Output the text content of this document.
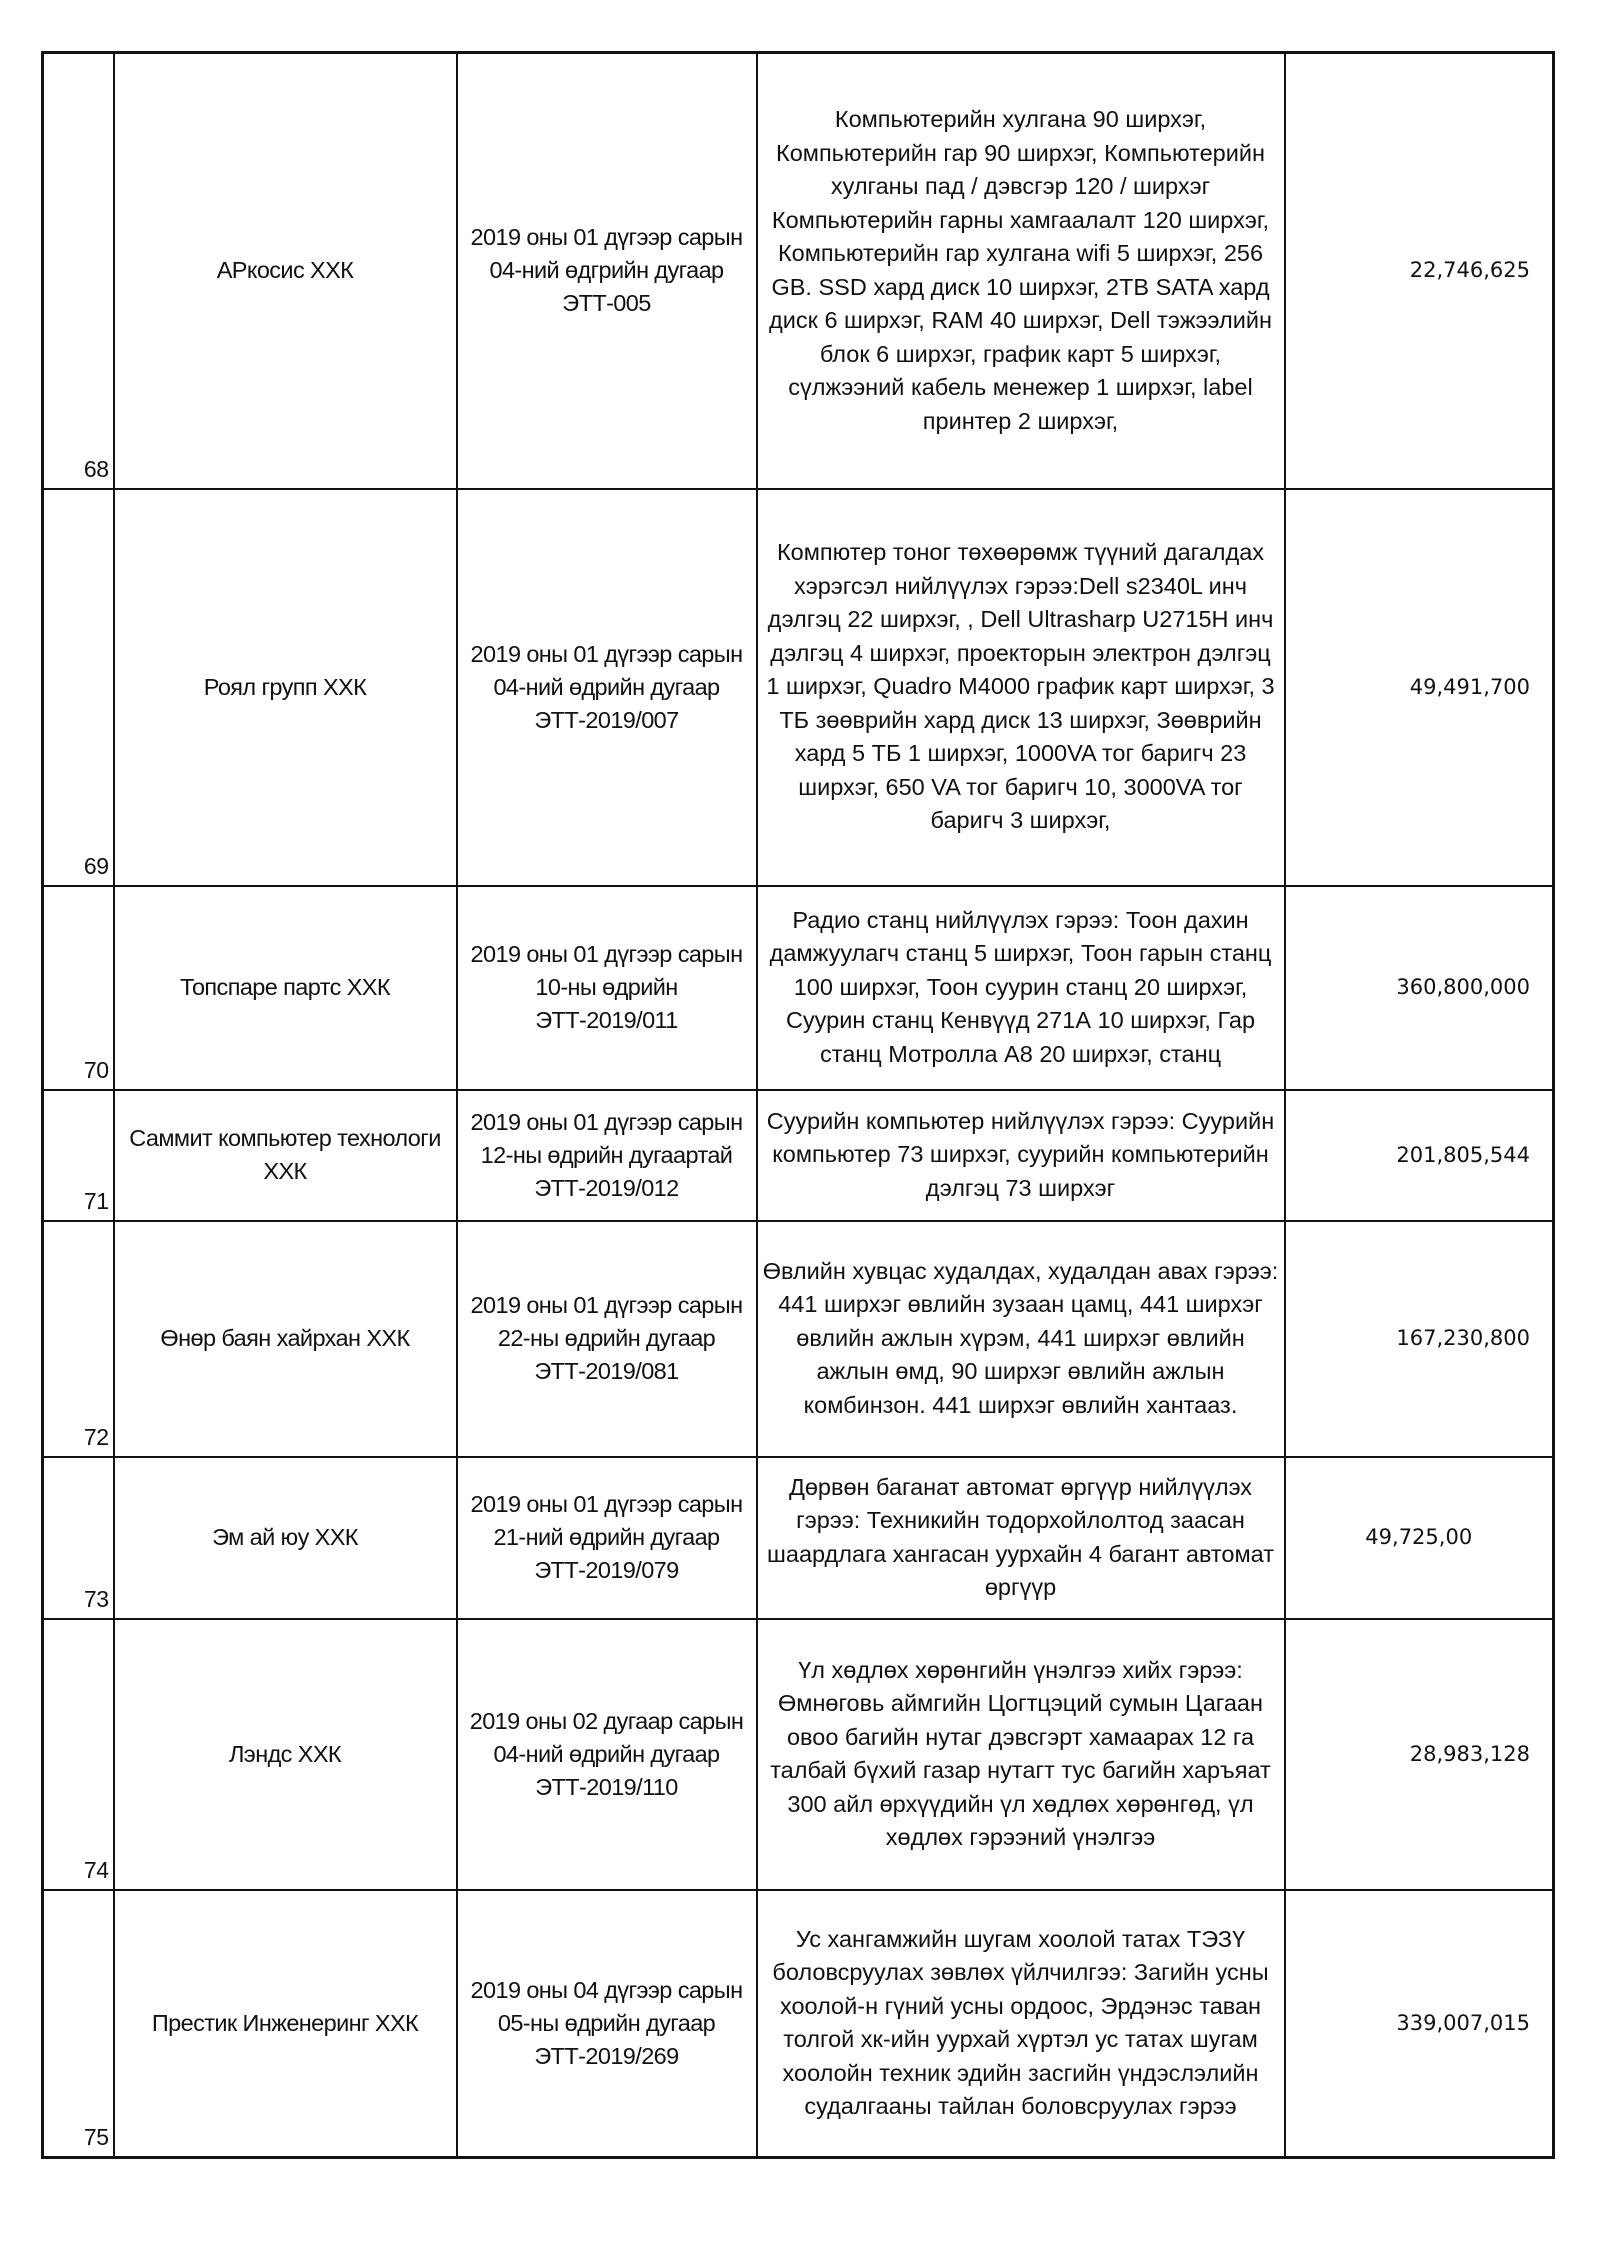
68	АРкосис ХХК	2019 оны 01 дүгээр сарын 04-ний өдгрийн дугаар ЭТТ-005	Компьютерийн хулгана 90 ширхэг, Компьютерийн гар 90 ширхэг, Компьютерийн хулганы пад / дэвсгэр 120 / ширхэг Компьютерийн гарны хамгаалалт 120 ширхэг, Компьютерийн гар хулгана wifi 5 ширхэг, 256 GB. SSD хард диск 10 ширхэг, 2TB SATA хард диск 6 ширхэг, RAM 40 ширхэг, Dell тэжээлийн блок 6 ширхэг, график карт 5 ширхэг, сүлжээний кабель менежер 1 ширхэг, label принтер 2 ширхэг,	22,746,625
69	Роял групп ХХК	2019 оны 01 дүгээр сарын 04-ний өдрийн дугаар ЭТТ-2019/007	Компютер тоног төхөөрөмж түүний дагалдах хэрэгсэл нийлүүлэх гэрээ:Dell s2340L инч дэлгэц 22 ширхэг, , Dell Ultrasharp U2715H инч дэлгэц 4 ширхэг, проекторын электрон дэлгэц 1 ширхэг, Quadro M4000 график карт ширхэг, 3 ТБ зөөврийн хард диск 13 ширхэг, Зөөврийн хард 5 ТБ 1 ширхэг, 1000VA тог баригч 23 ширхэг, 650 VA тог баригч 10, 3000VA тог баригч 3 ширхэг,	49,491,700
70	Топспаре партс ХХК	2019 оны 01 дүгээр сарын 10-ны өдрийн ЭТТ-2019/011	Радио станц нийлүүлэх гэрээ: Тоон дахин дамжуулагч станц 5 ширхэг, Тоон гарын станц 100 ширхэг, Тоон суурин станц 20 ширхэг, Суурин станц Кенвүүд 271А 10 ширхэг, Гар станц Мотролла А8 20 ширхэг, станц	360,800,000
71	Саммит компьютер технологи ХХК	2019 оны 01 дүгээр сарын 12-ны өдрийн дугаартай ЭТТ-2019/012	Суурийн компьютер нийлүүлэх гэрээ: Суурийн компьютер 73 ширхэг, суурийн компьютерийн дэлгэц 73 ширхэг	201,805,544
72	Өнөр баян хайрхан ХХК	2019 оны 01 дүгээр сарын 22-ны өдрийн дугаар ЭТТ-2019/081	Өвлийн хувцас худалдах, худалдан авах гэрээ: 441 ширхэг өвлийн зузаан цамц, 441 ширхэг өвлийн ажлын хүрэм, 441 ширхэг өвлийн ажлын өмд, 90 ширхэг өвлийн ажлын комбинзон. 441 ширхэг өвлийн хантааз.	167,230,800
73	Эм ай юу ХХК	2019 оны 01 дүгээр сарын 21-ний өдрийн дугаар ЭТТ-2019/079	Дөрвөн баганат автомат өргүүр нийлүүлэх гэрээ: Техникийн тодорхойлолтод заасан шаардлага хангасан уурхайн 4 багант автомат өргүүр	49,725,00
74	Лэндс ХХК	2019 оны 02 дугаар сарын 04-ний өдрийн дугаар ЭТТ-2019/110	Үл хөдлөх хөрөнгийн үнэлгээ хийх гэрээ: Өмнөговь аймгийн Цогтцэций сумын Цагаан овоо багийн нутаг дэвсгэрт хамаарах 12 га талбай бүхий газар нутагт тус багийн харъяат 300 айл өрхүүдийн үл хөдлөх хөрөнгөд, үл хөдлөх гэрээний үнэлгээ	28,983,128
75	Престик Инженеринг ХХК	2019 оны 04 дүгээр сарын 05-ны өдрийн дугаар ЭТТ-2019/269	Ус хангамжийн шугам хоолой татах ТЭЗҮ боловсруулах зөвлөх үйлчилгээ: Загийн усны хоолой-н гүний усны ордоос, Эрдэнэс таван толгой хк-ийн уурхай хүртэл ус татах шугам хоолойн техник эдийн засгийн үндэслэлийн судалгааны тайлан боловсруулах гэрээ	339,007,015
